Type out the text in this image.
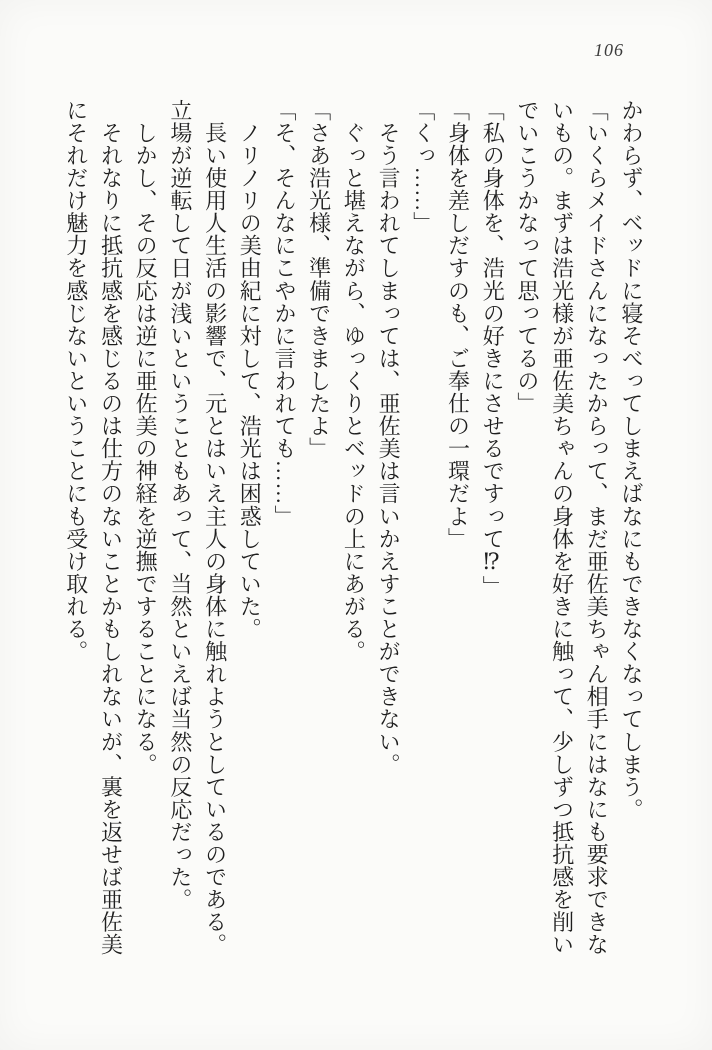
106
かわらず、ベッドに寝そべってしまえばなにもできなくなってしまう。
「いくらメイドさんになったからって、まだ亜佐美ちゃん相手にはなにも要求できな
いもの。まずは浩光様が亜佐美ちゃんの身体を好きに触って、少しずつ抵抗感を削い
でいこうかなって思ってるの」
「私の身体を、浩光の好きにさせるですって⁉」
「身体を差しだすのも、ご奉仕の一環だよ」
「くっ……」
　そう言われてしまっては、亜佐美は言いかえすことができない。
　ぐっと堪えながら、ゆっくりとベッドの上にあがる。
「さあ浩光様、準備できましたよ」
「そ、そんなにこやかに言われても……」
　ノリノリの美由紀に対して、浩光は困惑していた。
　長い使用人生活の影響で、元とはいえ主人の身体に触れようとしているのである。
立場が逆転して日が浅いということもあって、当然といえば当然の反応だった。
　しかし、その反応は逆に亜佐美の神経を逆撫ですることになる。
　それなりに抵抗感を感じるのは仕方のないことかもしれないが、裏を返せば亜佐美
にそれだけ魅力を感じないということにも受け取れる。
